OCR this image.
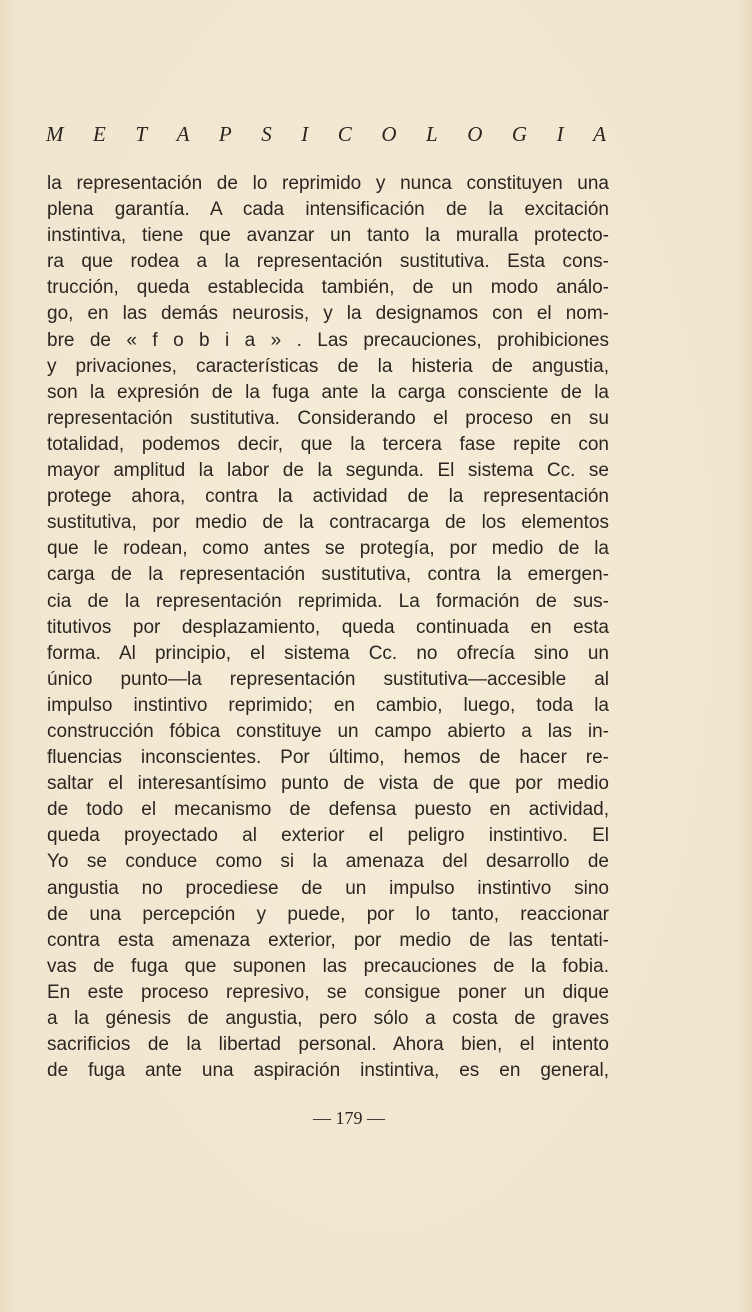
M E T A P S I C O L O G I A
la representación de lo reprimido y nunca constituyen una
plena garantía. A cada intensificación de la excitación
instintiva, tiene que avanzar un tanto la muralla protecto-
ra que rodea a la representación sustitutiva. Esta cons-
trucción, queda establecida también, de un modo análo-
go, en las demás neurosis, y la designamos con el nom-
bre de « f o b i a » . Las precauciones, prohibiciones
y privaciones, características de la histeria de angustia,
son la expresión de la fuga ante la carga consciente de la
representación sustitutiva. Considerando el proceso en su
totalidad, podemos decir, que la tercera fase repite con
mayor amplitud la labor de la segunda. El sistema Cc. se
protege ahora, contra la actividad de la representación
sustitutiva, por medio de la contracarga de los elementos
que le rodean, como antes se protegía, por medio de la
carga de la representación sustitutiva, contra la emergen-
cia de la representación reprimida. La formación de sus-
titutivos por desplazamiento, queda continuada en esta
forma. Al principio, el sistema Cc. no ofrecía sino un
único punto—la representación sustitutiva—accesible al
impulso instintivo reprimido; en cambio, luego, toda la
construcción fóbica constituye un campo abierto a las in-
fluencias inconscientes. Por último, hemos de hacer re-
saltar el interesantísimo punto de vista de que por medio
de todo el mecanismo de defensa puesto en actividad,
queda proyectado al exterior el peligro instintivo. El
Yo se conduce como si la amenaza del desarrollo de
angustia no procediese de un impulso instintivo sino
de una percepción y puede, por lo tanto, reaccionar
contra esta amenaza exterior, por medio de las tentati-
vas de fuga que suponen las precauciones de la fobia.
En este proceso represivo, se consigue poner un dique
a la génesis de angustia, pero sólo a costa de graves
sacrificios de la libertad personal. Ahora bien, el intento
de fuga ante una aspiración instintiva, es en general,
— 179 —
